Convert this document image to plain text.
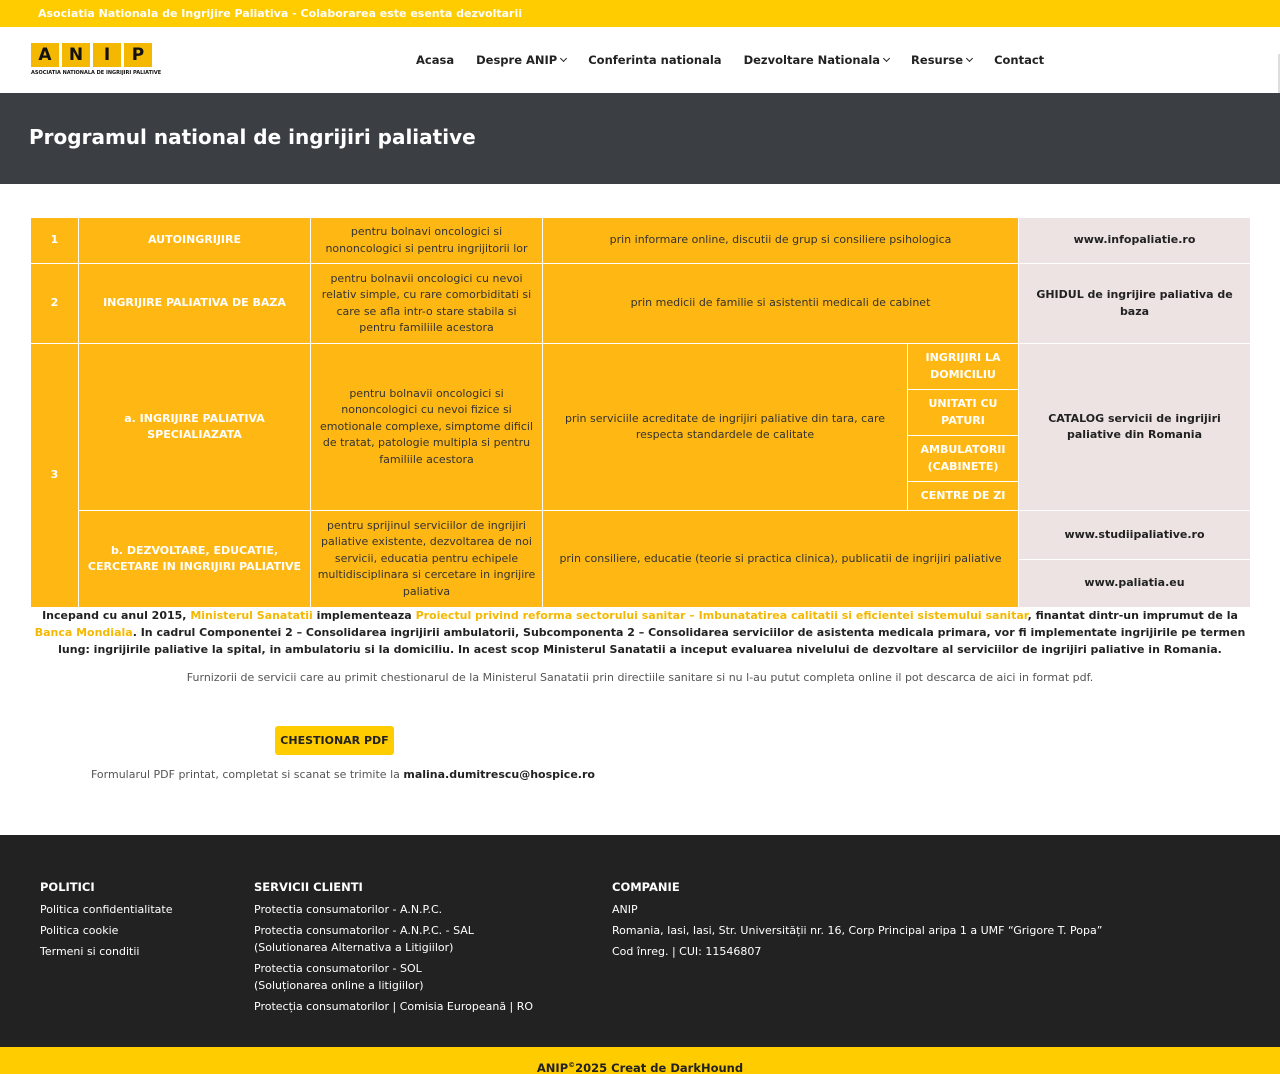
Asociatia Nationala de Ingrijire Paliativa - Colaborarea este esenta dezvoltarii
A	N	I	P
ASOCIATIA NATIONALA DE INGRIJIRI PALIATIVE
Acasa Despre ANIP	Conferinta nationala Dezvoltare Nationala	Resurse	Contact
Programul national de ingrijiri paliative
1	AUTOINGRIJIRE	pentru bolnavi oncologici si nononcologici si pentru ingrijitorii lor	prin informare online, discutii de grup si consiliere psihologica		www.infopaliatie.ro
2	INGRIJIRE PALIATIVA DE BAZA	pentru bolnavii oncologici cu nevoi relativ simple, cu rare comorbiditati si care se afla intr-o stare stabila si pentru familiile acestora	prin medicii de familie si asistentii medicali de cabinet		GHIDUL de ingrijire paliativa de baza
3	a. INGRIJIRE PALIATIVA SPECIALIAZATA	pentru bolnavii oncologici si nononcologici cu nevoi fizice si emotionale complexe, simptome dificil de tratat, patologie multipla si pentru familiile acestora	prin serviciile acreditate de ingrijiri paliative din tara, care respecta standardele de calitate	INGRIJIRI LA DOMICILIU	CATALOG servicii de ingrijiri paliative din Romania
				UNITATI CU PATURI	
				AMBULATORII (CABINETE)	
				CENTRE DE ZI	
	b. DEZVOLTARE, EDUCATIE, CERCETARE IN INGRIJIRI PALIATIVE	pentru sprijinul serviciilor de ingrijiri paliative existente, dezvoltarea de noi servicii, educatia pentru echipele multidisciplinara si cercetare in ingrijire paliativa	prin consiliere, educatie (teorie si practica clinica), publicatii de ingrijiri paliative		www.studiipaliative.ro
					www.paliatia.eu

Incepand cu anul 2015, Ministerul Sanatatii implementeaza Proiectul privind reforma sectorului sanitar – Imbunatatirea calitatii si eficientei sistemului sanitar, finantat dintr-un imprumut de la Banca Mondiala. In cadrul Componentei 2 – Consolidarea ingrijirii ambulatorii, Subcomponenta 2 – Consolidarea serviciilor de asistenta medicala primara, vor fi implementate ingrijirile pe termen lung: ingrijirile paliative la spital, in ambulatoriu si la domiciliu. In acest scop Ministerul Sanatatii a inceput evaluarea nivelului de dezvoltare al serviciilor de ingrijiri paliative in Romania.

Furnizorii de servicii care au primit chestionarul de la Ministerul Sanatatii prin directiile sanitare si nu l-au putut completa online il pot descarca de aici in format pdf.

CHESTIONAR PDF

Formularul PDF printat, completat si scanat se trimite la malina.dumitrescu@hospice.ro

POLITICI
Politica confidentialitate
Politica cookie
Termeni si conditii
SERVICII CLIENTI
Protectia consumatorilor - A.N.P.C.
Protectia consumatorilor - A.N.P.C. - SAL
(Solutionarea Alternativa a Litigiilor)
Protectia consumatorilor - SOL
(Soluționarea online a litigiilor)
Protecția consumatorilor | Comisia Europeană | RO
COMPANIE
ANIP
Romania, Iasi, Iasi, Str. Universității nr. 16, Corp Principal aripa 1 a UMF “Grigore T. Popa”
Cod înreg. | CUI: 11546807
ANIP©2025 Creat de DarkHound
